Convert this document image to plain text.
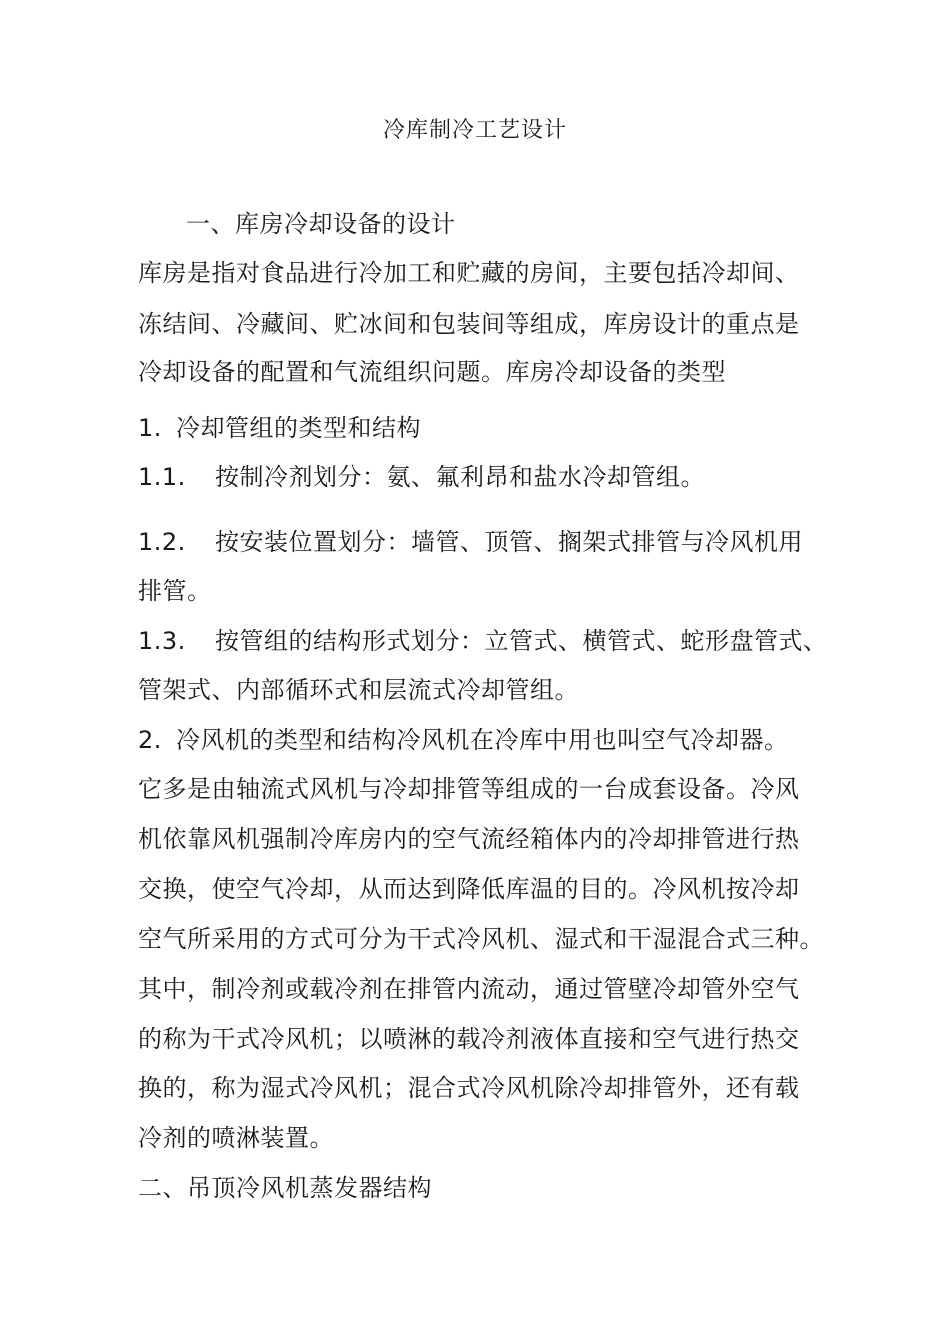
冷库制冷工艺设计
一、库房冷却设备的设计
库房是指对食品进行冷加工和贮藏的房间，主要包括冷却间、
冻结间、冷藏间、贮冰间和包装间等组成，库房设计的重点是
冷却设备的配置和气流组织问题。库房冷却设备的类型
1. 冷却管组的类型和结构
1.1. 按制冷剂划分：氨、氟利昂和盐水冷却管组。
1.2. 按安装位置划分：墙管、顶管、搁架式排管与冷风机用
排管。
1.3. 按管组的结构形式划分：立管式、横管式、蛇形盘管式、
管架式、内部循环式和层流式冷却管组。
2. 冷风机的类型和结构冷风机在冷库中用也叫空气冷却器。
它多是由轴流式风机与冷却排管等组成的一台成套设备。冷风
机依靠风机强制冷库房内的空气流经箱体内的冷却排管进行热
交换，使空气冷却，从而达到降低库温的目的。冷风机按冷却
空气所采用的方式可分为干式冷风机、湿式和干湿混合式三种。
其中，制冷剂或载冷剂在排管内流动，通过管壁冷却管外空气
的称为干式冷风机；以喷淋的载冷剂液体直接和空气进行热交
换的，称为湿式冷风机；混合式冷风机除冷却排管外，还有载
冷剂的喷淋装置。
二、吊顶冷风机蒸发器结构
